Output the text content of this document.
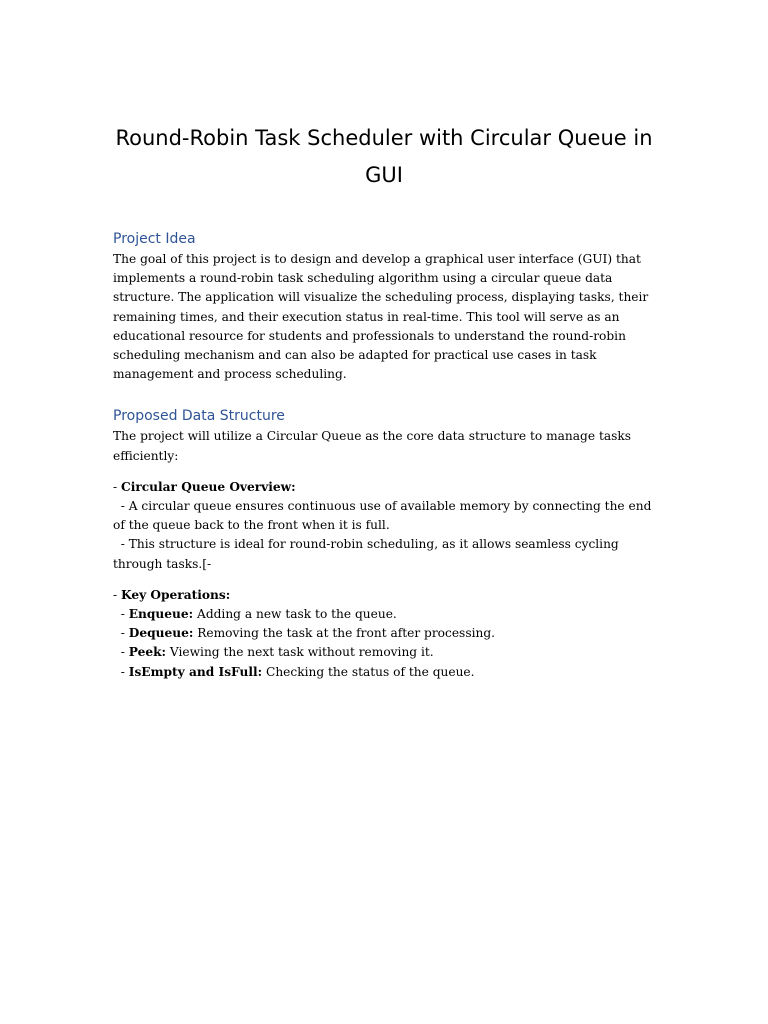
Round-Robin Task Scheduler with Circular Queue in GUI
Project Idea

The goal of this project is to design and develop a graphical user interface (GUI) that implements a round-robin task scheduling algorithm using a circular queue data structure. The application will visualize the scheduling process, displaying tasks, their remaining times, and their execution status in real-time. This tool will serve as an educational resource for students and professionals to understand the round-robin scheduling mechanism and can also be adapted for practical use cases in task management and process scheduling.

Proposed Data Structure

The project will utilize a Circular Queue as the core data structure to manage tasks efficiently:

- Circular Queue Overview:
- A circular queue ensures continuous use of available memory by connecting the end of the queue back to the front when it is full.
- This structure is ideal for round-robin scheduling, as it allows seamless cycling through tasks.[-
- Key Operations:
- Enqueue: Adding a new task to the queue.
- Dequeue: Removing the task at the front after processing.
- Peek: Viewing the next task without removing it.
- IsEmpty and IsFull: Checking the status of the queue.
